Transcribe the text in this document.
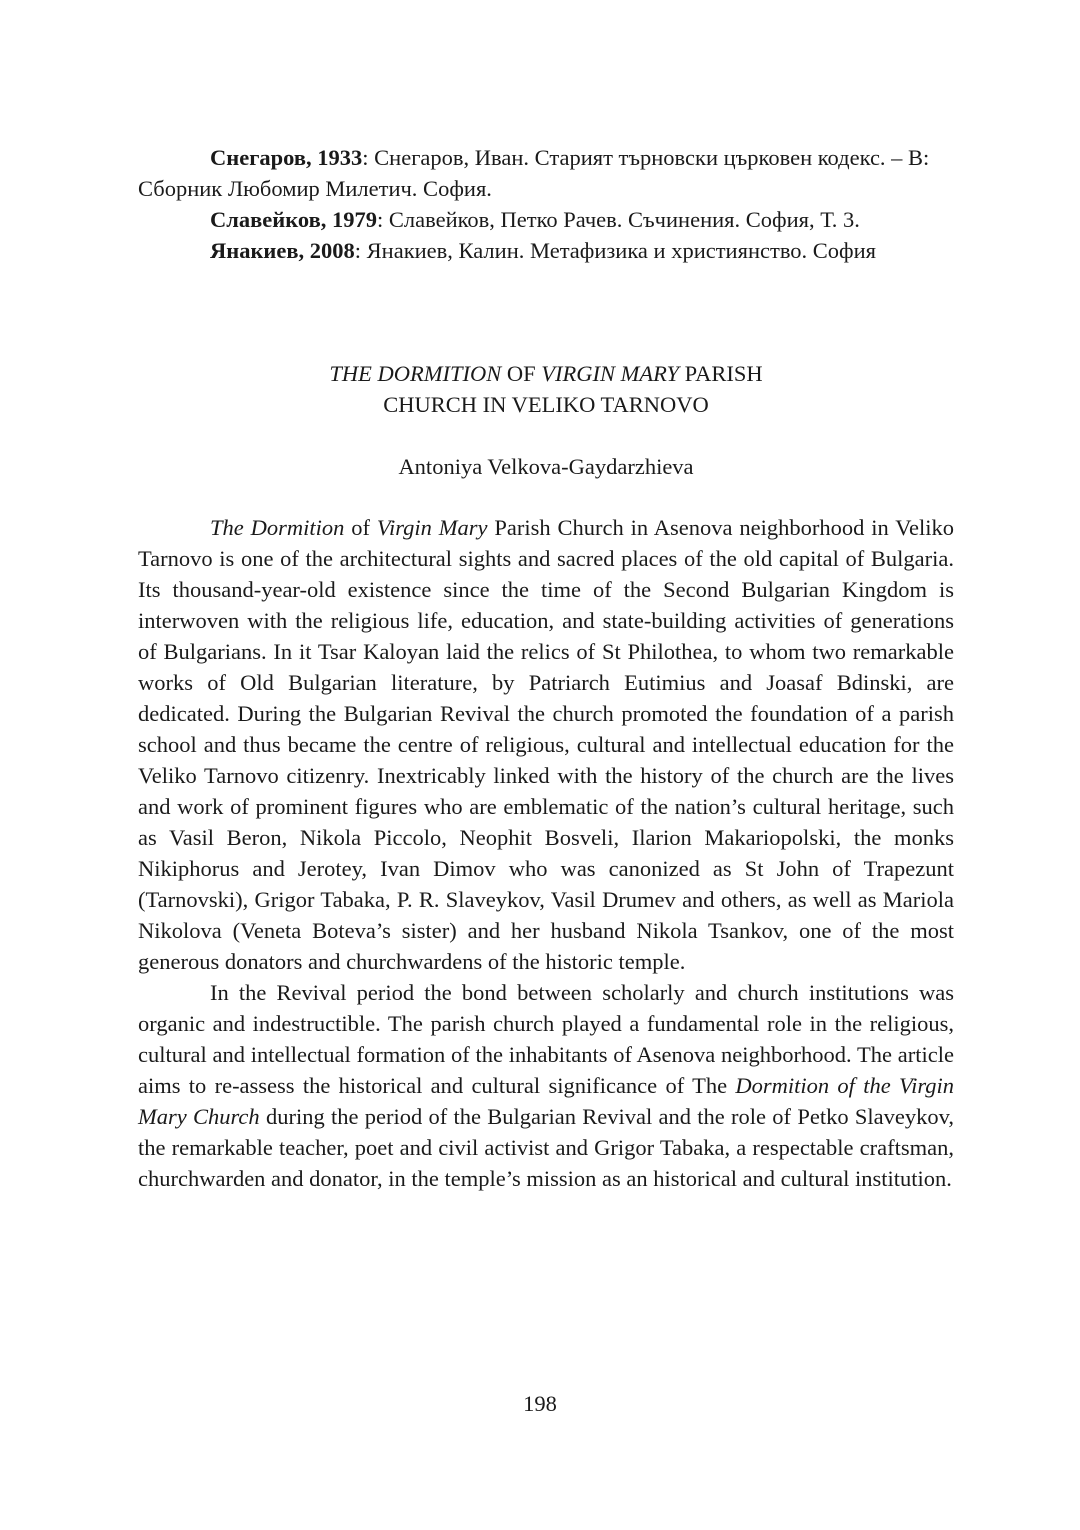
Снегаров, 1933: Снегаров, Иван. Старият търновски църковен кодекс. – В: Сборник Любомир Милетич. София.

Славейков, 1979: Славейков, Петко Рачев. Съчинения. София, Т. 3.

Янакиев, 2008: Янакиев, Калин. Метафизика и християнство. София

THE DORMITION OF VIRGIN MARY PARISH
CHURCH IN VELIKO TARNOVO
Antoniya Velkova-Gaydarzhieva

The Dormition of Virgin Mary Parish Church in Asenova neighborhood in Veliko Tarnovo is one of the architectural sights and sacred places of the old capital of Bulgaria. Its thousand-year-old existence since the time of the Second Bulgarian Kingdom is interwoven with the religious life, education, and state-building activities of generations of Bulgarians. In it Tsar Kaloyan laid the relics of St Philothea, to whom two remarkable works of Old Bulgarian literature, by Patriarch Eutimius and Joasaf Bdinski, are dedicated. During the Bulgarian Revival the church promoted the foundation of a parish school and thus became the centre of religious, cultural and intellectual education for the Veliko Tarnovo citizenry. Inextricably linked with the history of the church are the lives and work of prominent figures who are emblematic of the nation’s cultural heritage, such as Vasil Beron, Nikola Piccolo, Neophit Bosveli, Ilarion Makariopolski, the monks Nikiphorus and Jerotey, Ivan Dimov who was canonized as St John of Trapezunt (Tarnovski), Grigor Tabaka, P. R. Slaveykov, Vasil Drumev and others, as well as Mariola Nikolova (Veneta Boteva’s sister) and her husband Nikola Tsankov, one of the most generous donators and churchwardens of the historic temple.

In the Revival period the bond between scholarly and church institutions was organic and indestructible. The parish church played a fundamental role in the religious, cultural and intellectual formation of the inhabitants of Asenova neighborhood. The article aims to re-assess the historical and cultural significance of The Dormition of the Virgin Mary Church during the period of the Bulgarian Revival and the role of Petko Slaveykov, the remarkable teacher, poet and civil activist and Grigor Tabaka, a respectable craftsman, churchwarden and donator, in the temple’s mission as an historical and cultural institution.

198
